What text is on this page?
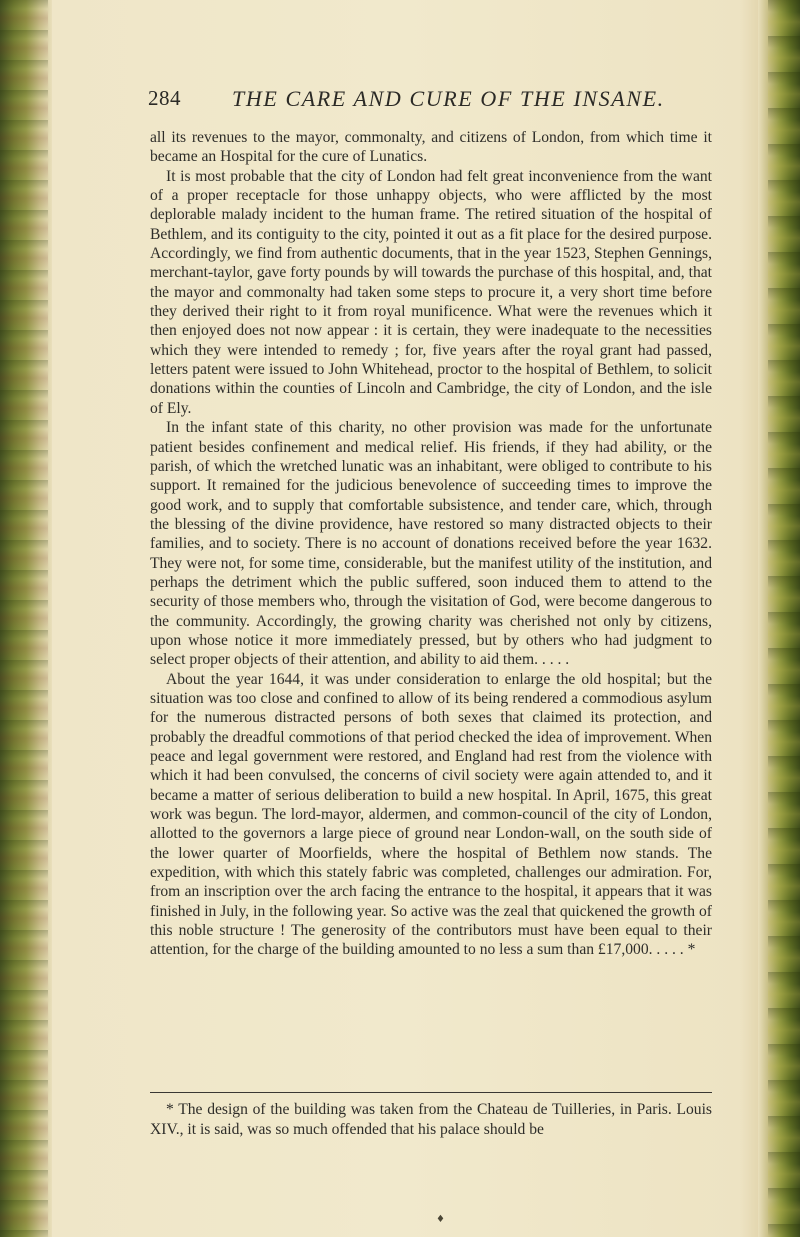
284 THE CARE AND CURE OF THE INSANE.

all its revenues to the mayor, commonalty, and citizens of London, from which time it became an Hospital for the cure of Lunatics.

It is most probable that the city of London had felt great inconvenience from the want of a proper receptacle for those unhappy objects, who were afflicted by the most deplorable malady incident to the human frame. The retired situation of the hospital of Bethlem, and its contiguity to the city, pointed it out as a fit place for the desired purpose. Accordingly, we find from authentic documents, that in the year 1523, Stephen Gennings, merchant-taylor, gave forty pounds by will towards the purchase of this hospital, and, that the mayor and commonalty had taken some steps to procure it, a very short time before they derived their right to it from royal munificence. What were the revenues which it then enjoyed does not now appear : it is certain, they were inadequate to the necessities which they were intended to remedy ; for, five years after the royal grant had passed, letters patent were issued to John Whitehead, proctor to the hospital of Bethlem, to solicit donations within the counties of Lincoln and Cambridge, the city of London, and the isle of Ely.

In the infant state of this charity, no other provision was made for the unfortunate patient besides confinement and medical relief. His friends, if they had ability, or the parish, of which the wretched lunatic was an inhabitant, were obliged to contribute to his support. It remained for the judicious benevolence of succeeding times to improve the good work, and to supply that comfortable subsistence, and tender care, which, through the blessing of the divine providence, have restored so many distracted objects to their families, and to society. There is no account of donations received before the year 1632. They were not, for some time, considerable, but the manifest utility of the institution, and perhaps the detriment which the public suffered, soon induced them to attend to the security of those members who, through the visitation of God, were become dangerous to the community. Accordingly, the growing charity was cherished not only by citizens, upon whose notice it more immediately pressed, but by others who had judgment to select proper objects of their attention, and ability to aid them. . . . .

About the year 1644, it was under consideration to enlarge the old hospital; but the situation was too close and confined to allow of its being rendered a commodious asylum for the numerous distracted persons of both sexes that claimed its protection, and probably the dreadful commotions of that period checked the idea of improvement. When peace and legal government were restored, and England had rest from the violence with which it had been convulsed, the concerns of civil society were again attended to, and it became a matter of serious deliberation to build a new hospital. In April, 1675, this great work was begun. The lord-mayor, aldermen, and common-council of the city of London, allotted to the governors a large piece of ground near London-wall, on the south side of the lower quarter of Moorfields, where the hospital of Bethlem now stands. The expedition, with which this stately fabric was completed, challenges our admiration. For, from an inscription over the arch facing the entrance to the hospital, it appears that it was finished in July, in the following year. So active was the zeal that quickened the growth of this noble structure ! The generosity of the contributors must have been equal to their attention, for the charge of the building amounted to no less a sum than £17,000. . . . . *

* The design of the building was taken from the Chateau de Tuilleries, in Paris. Louis XIV., it is said, was so much offended that his palace should be

♦
